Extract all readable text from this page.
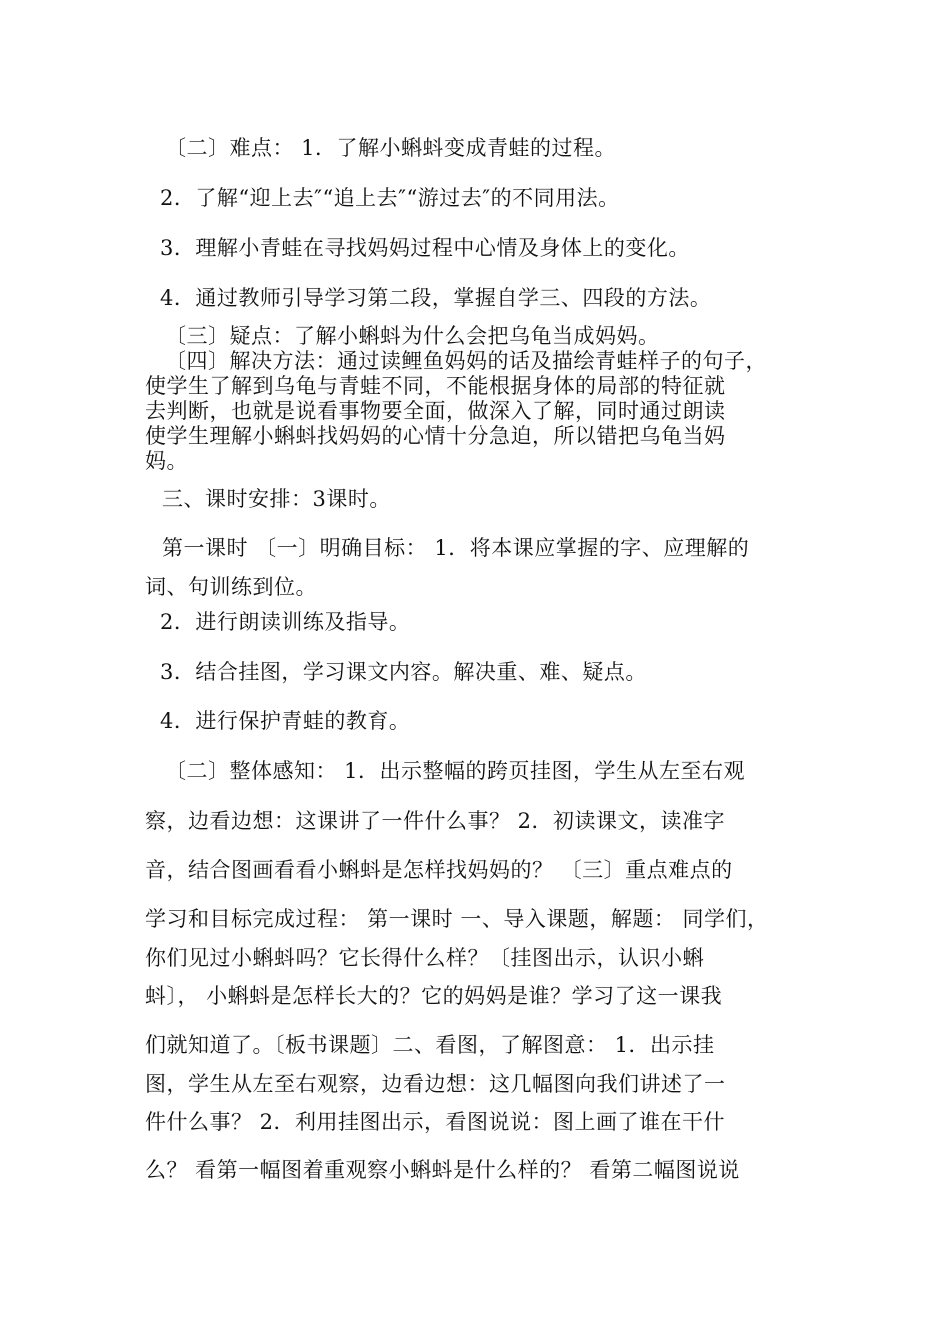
〔二〕难点： 1．了解小蝌蚪变成青蛙的过程。
2．了解“迎上去″“追上去″“游过去″的不同用法。
3．理解小青蛙在寻找妈妈过程中心情及身体上的变化。
4．通过教师引导学习第二段，掌握自学三、四段的方法。
〔三〕疑点：了解小蝌蚪为什么会把乌龟当成妈妈。
〔四〕解决方法：通过读鲤鱼妈妈的话及描绘青蛙样子的句子，
使学生了解到乌龟与青蛙不同，不能根据身体的局部的特征就
去判断，也就是说看事物要全面，做深入了解，同时通过朗读
使学生理解小蝌蚪找妈妈的心情十分急迫，所以错把乌龟当妈
妈。
三、课时安排：3课时。
第一课时 〔一〕明确目标： 1．将本课应掌握的字、应理解的
词、句训练到位。
2．进行朗读训练及指导。
3．结合挂图，学习课文内容。解决重、难、疑点。
4．进行保护青蛙的教育。
〔二〕整体感知： 1．出示整幅的跨页挂图，学生从左至右观
察，边看边想：这课讲了一件什么事？ 2．初读课文，读准字
音，结合图画看看小蝌蚪是怎样找妈妈的？ 〔三〕重点难点的
学习和目标完成过程： 第一课时 一、导入课题，解题： 同学们，
你们见过小蝌蚪吗？它长得什么样？〔挂图出示，认识小蝌
蚪〕， 小蝌蚪是怎样长大的？它的妈妈是谁？学习了这一课我
们就知道了。〔板书课题〕二、看图，了解图意： 1．出示挂
图，学生从左至右观察，边看边想：这几幅图向我们讲述了一
件什么事？ 2．利用挂图出示，看图说说：图上画了谁在干什
么？ 看第一幅图着重观察小蝌蚪是什么样的？ 看第二幅图说说
